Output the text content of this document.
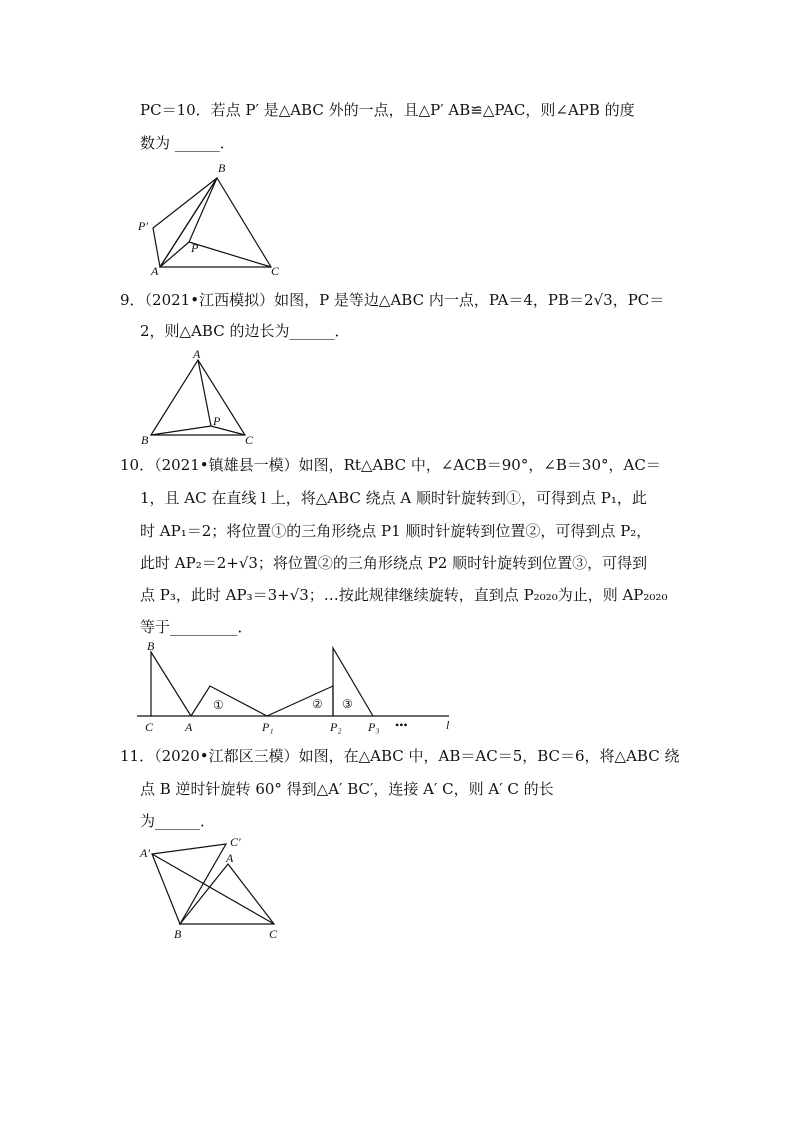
PC＝10．若点 P′ 是△ABC 外的一点，且△P′ AB≌△PAC，则∠APB 的度
数为 ______．
B
P′
P
A	C
9．（2021•江西模拟）如图，P 是等边△ABC 内一点，PA＝4，PB＝2√3，PC＝
2，则△ABC 的边长为______．
A
P
B	C
10．（2021•镇雄县一模）如图，Rt△ABC 中，∠ACB＝90°，∠B＝30°，AC＝
1，且 AC 在直线 l 上，将△ABC 绕点 A 顺时针旋转到①，可得到点 P₁，此
时 AP₁＝2；将位置①的三角形绕点 P1 顺时针旋转到位置②，可得到点 P₂，
此时 AP₂＝2+√3；将位置②的三角形绕点 P2 顺时针旋转到位置③，可得到
点 P₃，此时 AP₃＝3+√3；…按此规律继续旋转，直到点 P₂₀₂₀为止，则 AP₂₀₂₀
等于_________．
B
C	A	P₁	P₂ P₃ •••	l
①	② ③
11．（2020•江都区三模）如图，在△ABC 中，AB＝AC＝5，BC＝6，将△ABC 绕
点 B 逆时针旋转 60° 得到△A′ BC′，连接 A′ C，则 A′ C 的长
为______．
A′
C′
A
B	C
